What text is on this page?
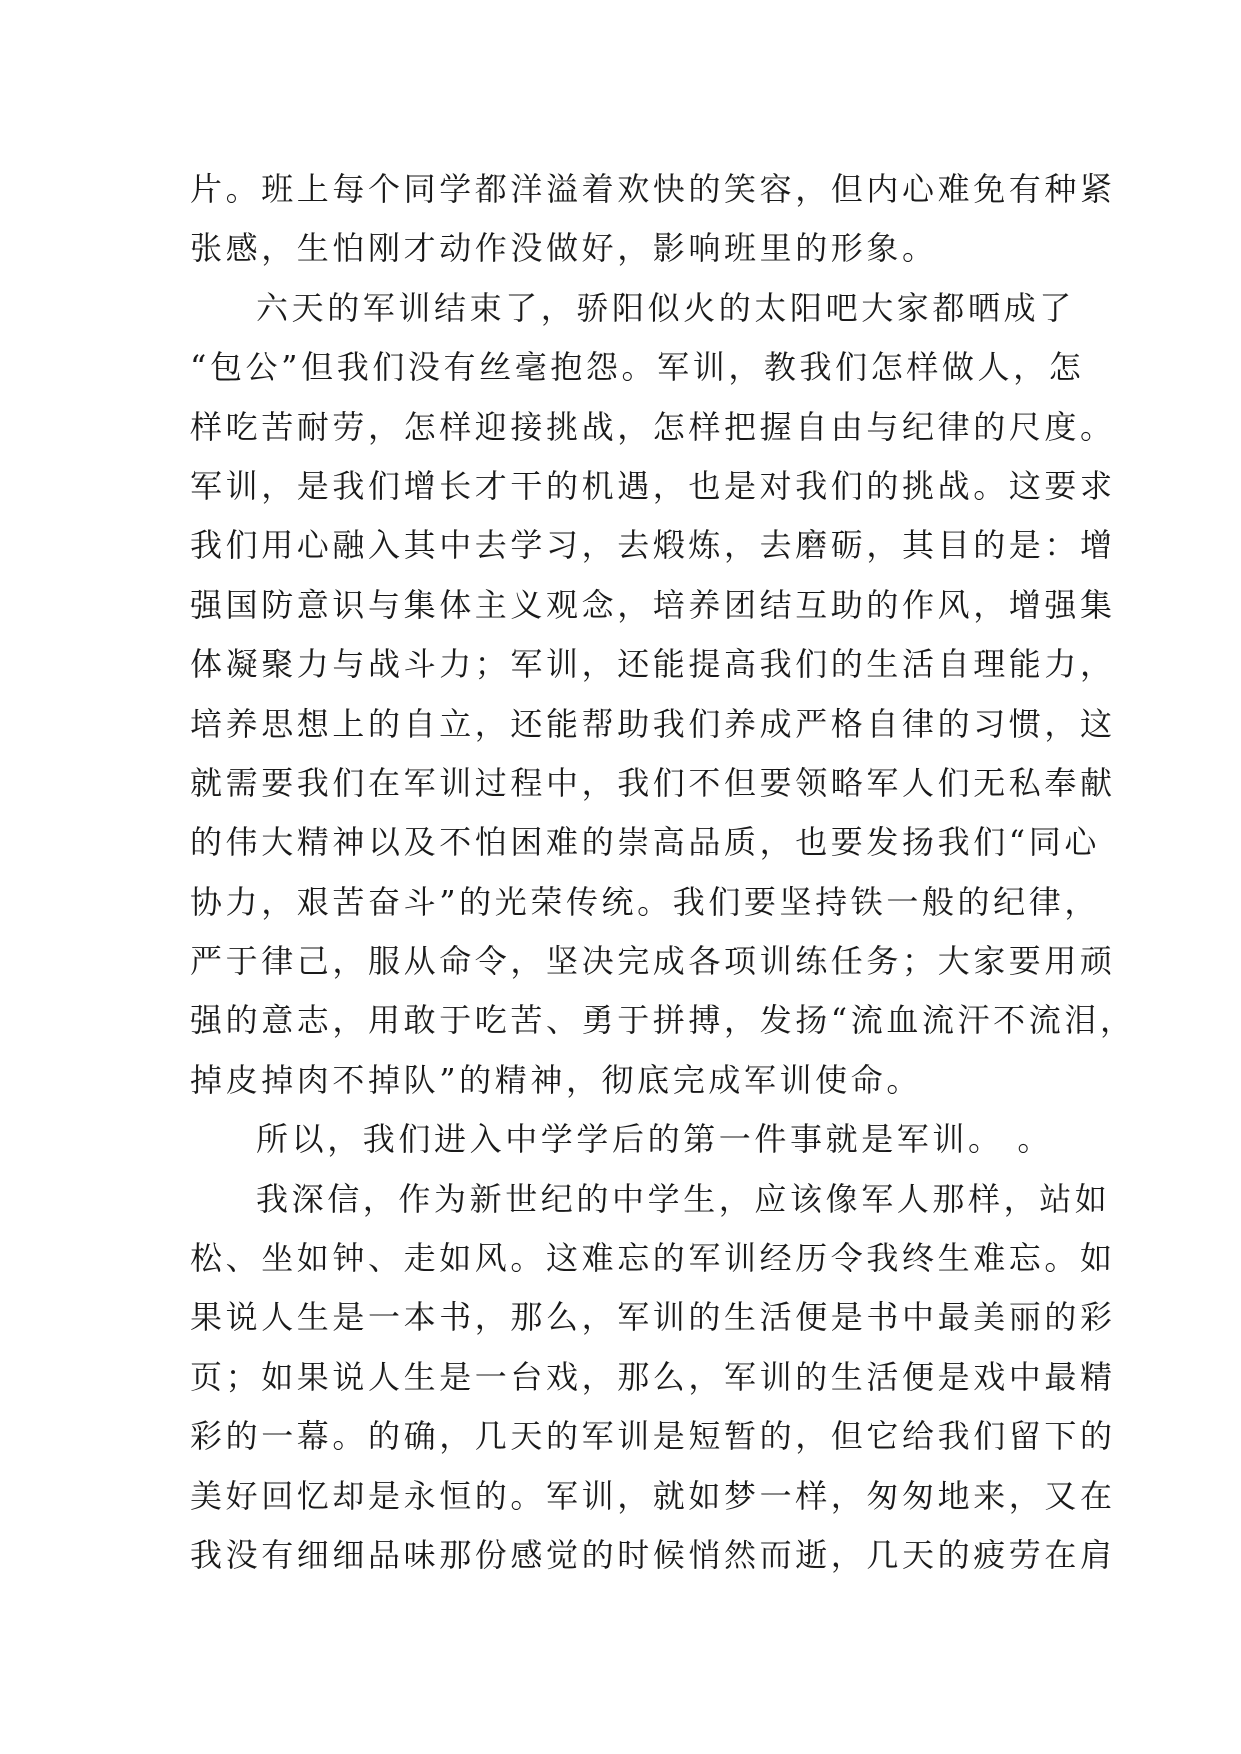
片。班上每个同学都洋溢着欢快的笑容，但内心难免有种紧
张感，生怕刚才动作没做好，影响班里的形象。
六天的军训结束了，骄阳似火的太阳吧大家都晒成了
“包公”但我们没有丝毫抱怨。军训，教我们怎样做人，怎
样吃苦耐劳，怎样迎接挑战，怎样把握自由与纪律的尺度。
军训，是我们增长才干的机遇，也是对我们的挑战。这要求
我们用心融入其中去学习，去煅炼，去磨砺，其目的是：增
强国防意识与集体主义观念，培养团结互助的作风，增强集
体凝聚力与战斗力；军训，还能提高我们的生活自理能力，
培养思想上的自立，还能帮助我们养成严格自律的习惯，这
就需要我们在军训过程中，我们不但要领略军人们无私奉献
的伟大精神以及不怕困难的崇高品质，也要发扬我们“同心
协力，艰苦奋斗”的光荣传统。我们要坚持铁一般的纪律，
严于律己，服从命令，坚决完成各项训练任务；大家要用顽
强的意志，用敢于吃苦、勇于拼搏，发扬“流血流汗不流泪，
掉皮掉肉不掉队”的精神，彻底完成军训使命。
所以，我们进入中学学后的第一件事就是军训。 。
我深信，作为新世纪的中学生，应该像军人那样，站如
松、坐如钟、走如风。这难忘的军训经历令我终生难忘。如
果说人生是一本书，那么，军训的生活便是书中最美丽的彩
页；如果说人生是一台戏，那么，军训的生活便是戏中最精
彩的一幕。的确，几天的军训是短暂的，但它给我们留下的
美好回忆却是永恒的。军训，就如梦一样，匆匆地来，又在
我没有细细品味那份感觉的时候悄然而逝，几天的疲劳在肩
